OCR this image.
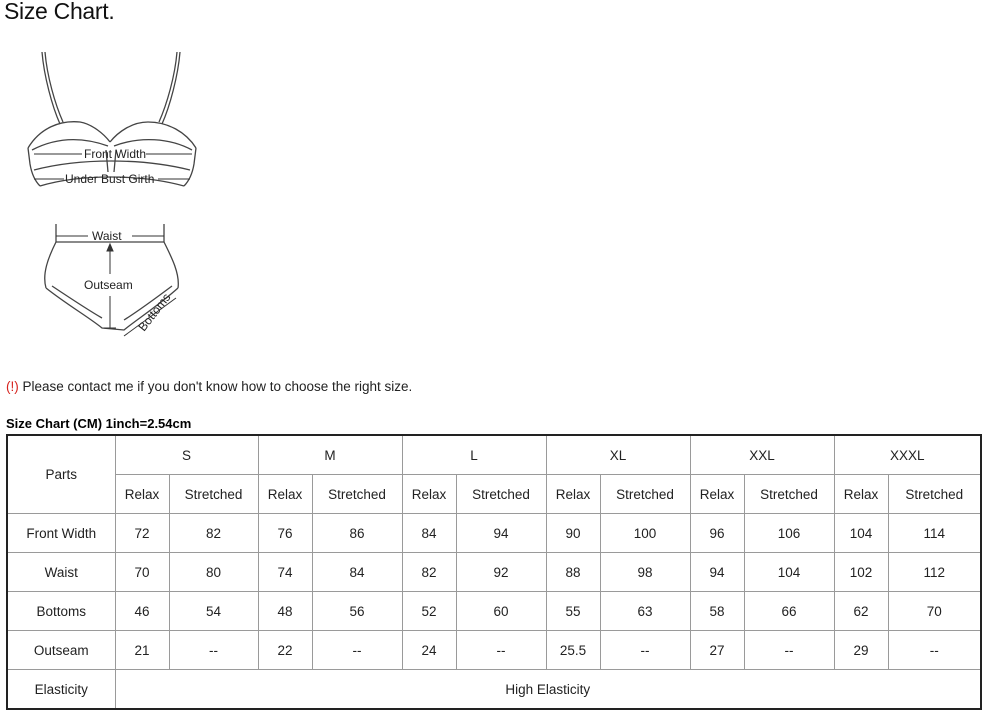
Size Chart.
Front Width
Under Bust Girth
Waist
Outseam
Bottoms
(!) Please contact me if you don't know how to choose the right size.
Size Chart (CM) 1inch=2.54cm
Parts	S		M		L		XL		XXL		XXXL	
	Relax	Stretched	Relax	Stretched	Relax	Stretched	Relax	Stretched	Relax	Stretched	Relax	Stretched
Front Width	72	82	76	86	84	94	90	100	96	106	104	114
Waist	70	80	74	84	82	92	88	98	94	104	102	112
Bottoms	46	54	48	56	52	60	55	63	58	66	62	70
Outseam	21	--	22	--	24	--	25.5	--	27	--	29	--
Elasticity	High Elasticity											
